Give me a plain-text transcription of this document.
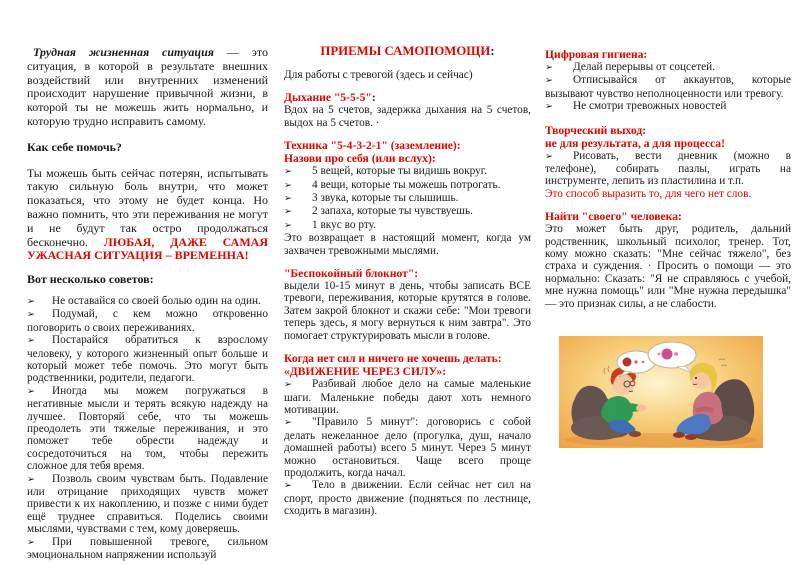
Трудная жизненная ситуация — это ситуация, в которой в результате внешних воздействий или внутренних изменений происходит нарушение привычной жизни, в которой ты не можешь жить нормально, и которую трудно исправить самому.

Как себе помочь?

Ты можешь быть сейчас потерян, испытывать такую сильную боль внутри, что может показаться, что этому не будет конца. Но важно помнить, что эти переживания не могут и не будут так остро продолжаться бесконечно. ЛЮБАЯ, ДАЖЕ САМАЯ УЖАСНАЯ СИТУАЦИЯ – ВРЕМЕННА!

Вот несколько советов:

➢ Не оставайся со своей болью один на один.

➢ Подумай, с кем можно откровенно поговорить о своих переживаниях.

➢ Постарайся обратиться к взрослому человеку, у которого жизненный опыт больше и который может тебе помочь. Это могут быть родственники, родители, педагоги.

➢ Иногда мы можем погружаться в негативные мысли и терять всякую надежду на лучшее. Повторяй себе, что ты можешь преодолеть эти тяжелые переживания, и это поможет тебе обрести надежду и сосредоточиться на том, чтобы пережить сложное для тебя время.

➢ Позволь своим чувствам быть. Подавление или отрицание приходящих чувств может привести к их накоплению, и позже с ними будет ещё труднее справиться. Поделись своими мыслями, чувствами с тем, кому доверяешь.

➢ При повышенной тревоге, сильном эмоциональном напряжении используй

ПРИЕМЫ САМОПОМОЩИ:

Для работы с тревогой (здесь и сейчас)

Дыхание "5-5-5":

Вдох на 5 счетов, задержка дыхания на 5 счетов, выдох на 5 счетов. ·

Техника "5-4-3-2-1" (заземление):

Назови про себя (или вслух):

➢ 5 вещей, которые ты видишь вокруг.

➢ 4 вещи, которые ты можешь потрогать.

➢ 3 звука, которые ты слышишь.

➢ 2 запаха, которые ты чувствуешь.

➢ 1 вкус во рту.

Это возвращает в настоящий момент, когда ум захвачен тревожными мыслями.

"Беспокойный блокнот":

выдели 10-15 минут в день, чтобы записать ВСЕ тревоги, переживания, которые крутятся в голове. Затем закрой блокнот и скажи себе: "Мои тревоги теперь здесь, я могу вернуться к ним завтра". Это помогает структурировать мысли в голове.

Когда нет сил и ничего не хочешь делать:

«ДВИЖЕНИЕ ЧЕРЕЗ СИЛУ»:

➢ Разбивай любое дело на самые маленькие шаги. Маленькие победы дают хоть немного мотивации.

➢ "Правило 5 минут": договорись с собой делать нежеланное дело (прогулка, душ, начало домашней работы) всего 5 минут. Через 5 минут можно остановиться. Чаще всего проще продолжить, когда начал.

➢ Тело в движении. Если сейчас нет сил на спорт, просто движение (подняться по лестнице, сходить в магазин).

Цифровая гигиена:

➢ Делай перерывы от соцсетей.

➢ Отписывайся от аккаунтов, которые вызывают чувство неполноценности или тревогу.

➢ Не смотри тревожных новостей

Творческий выход:

не для результата, а для процесса!

➢ Рисовать, вести дневник (можно в телефоне), собирать пазлы, играть на инструменте, лепить из пластилина и т.п.

Это способ выразить то, для чего нет слов.

Найти "своего" человека:

Это может быть друг, родитель, дальний родственник, школьный психолог, тренер. Тот, кому можно сказать: "Мне сейчас тяжело", без страха и суждения. · Просить о помощи — это нормально: Сказать: "Я не справляюсь с учебой, мне нужна помощь" или "Мне нужна передышка" — это признак силы, а не слабости.
